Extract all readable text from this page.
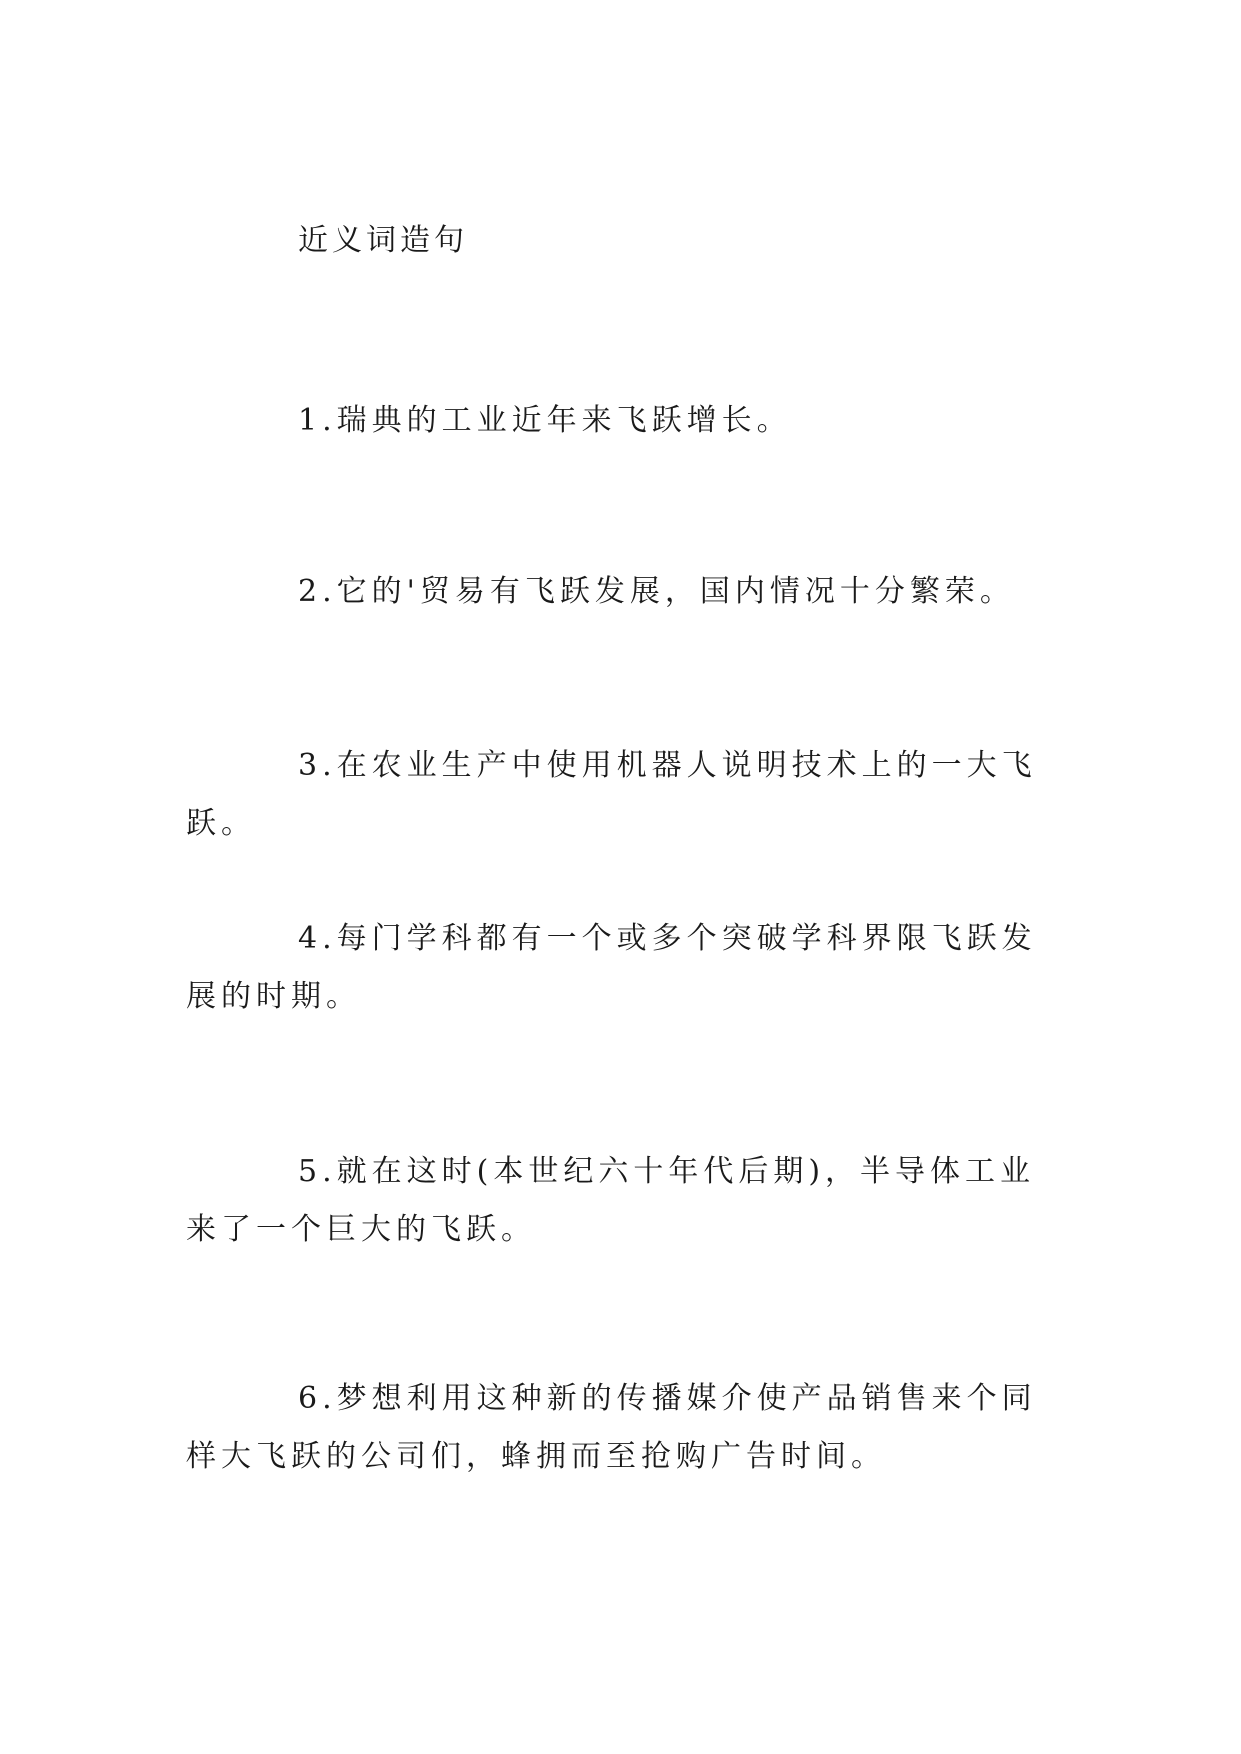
近义词造句

1.瑞典的工业近年来飞跃增长。

2.它的'贸易有飞跃发展，国内情况十分繁荣。

3.在农业生产中使用机器人说明技术上的一大飞跃。

4.每门学科都有一个或多个突破学科界限飞跃发展的时期。

5.就在这时(本世纪六十年代后期)，半导体工业来了一个巨大的飞跃。

6.梦想利用这种新的传播媒介使产品销售来个同样大飞跃的公司们，蜂拥而至抢购广告时间。
